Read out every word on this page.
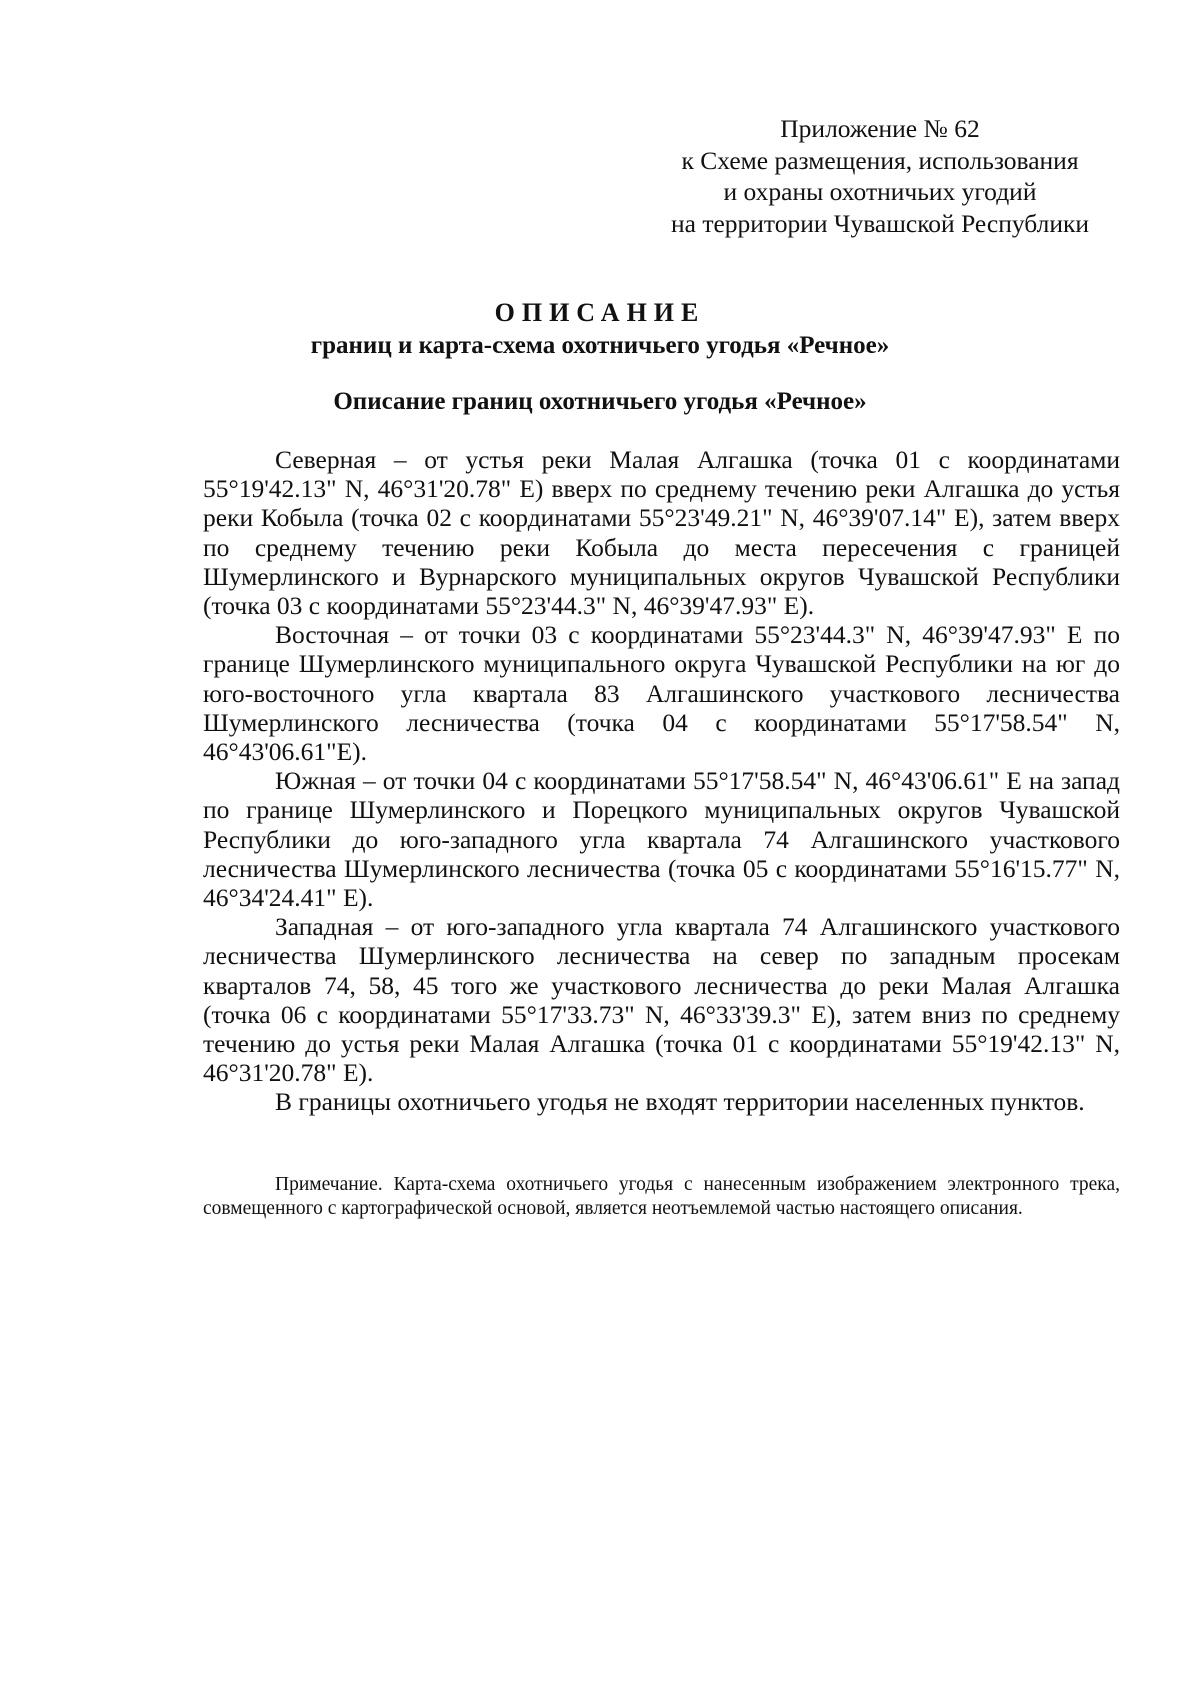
Приложение № 62
к Схеме размещения, использования
и охраны охотничьих угодий
на территории Чувашской Республики
ОПИСАНИЕ
границ и карта-схема охотничьего угодья «Речное»
Описание границ охотничьего угодья «Речное»

Северная – от устья реки Малая Алгашка (точка 01 с координатами 55°19'42.13" N, 46°31'20.78" E) вверх по среднему течению реки Алгашка до устья реки Кобыла (точка 02 с координатами 55°23'49.21" N, 46°39'07.14" E), затем вверх по среднему течению реки Кобыла до места пересечения с границей Шумерлинского и Вурнарского муниципальных округов Чувашской Республики (точка 03 с координатами 55°23'44.3" N, 46°39'47.93" E).

Восточная – от точки 03 с координатами 55°23'44.3" N, 46°39'47.93" E по границе Шумерлинского муниципального округа Чувашской Республики на юг до юго-восточного угла квартала 83 Алгашинского участкового лесничества Шумерлинского лесничества (точка 04 с координатами 55°17'58.54" N, 46°43'06.61"E).

Южная – от точки 04 с координатами 55°17'58.54" N, 46°43'06.61" E на запад по границе Шумерлинского и Порецкого муниципальных округов Чувашской Республики до юго-западного угла квартала 74 Алгашинского участкового лесничества Шумерлинского лесничества (точка 05 с координатами 55°16'15.77" N, 46°34'24.41" E).

Западная – от юго-западного угла квартала 74 Алгашинского участкового лесничества Шумерлинского лесничества на север по западным просекам кварталов 74, 58, 45 того же участкового лесничества до реки Малая Алгашка (точка 06 с координатами 55°17'33.73" N, 46°33'39.3" E), затем вниз по среднему течению до устья реки Малая Алгашка (точка 01 с координатами 55°19'42.13" N, 46°31'20.78" E).

В границы охотничьего угодья не входят территории населенных пунктов.

Примечание. Карта-схема охотничьего угодья с нанесенным изображением электронного трека, совмещенного с картографической основой, является неотъемлемой частью настоящего описания.
